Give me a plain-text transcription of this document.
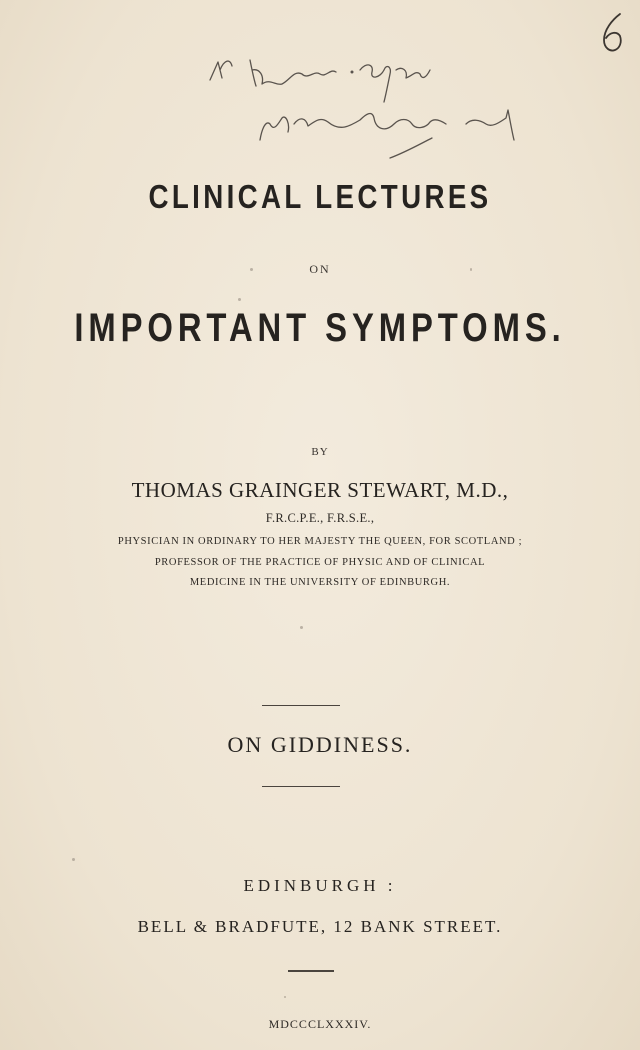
CLINICAL LECTURES
ON
IMPORTANT SYMPTOMS.
BY
THOMAS GRAINGER STEWART, M.D.,
F.R.C.P.E., F.R.S.E.,
PHYSICIAN IN ORDINARY TO HER MAJESTY THE QUEEN, FOR SCOTLAND ;
PROFESSOR OF THE PRACTICE OF PHYSIC AND OF CLINICAL
MEDICINE IN THE UNIVERSITY OF EDINBURGH.
ON GIDDINESS.
EDINBURGH :
BELL & BRADFUTE, 12 BANK STREET.
MDCCCLXXXIV.
